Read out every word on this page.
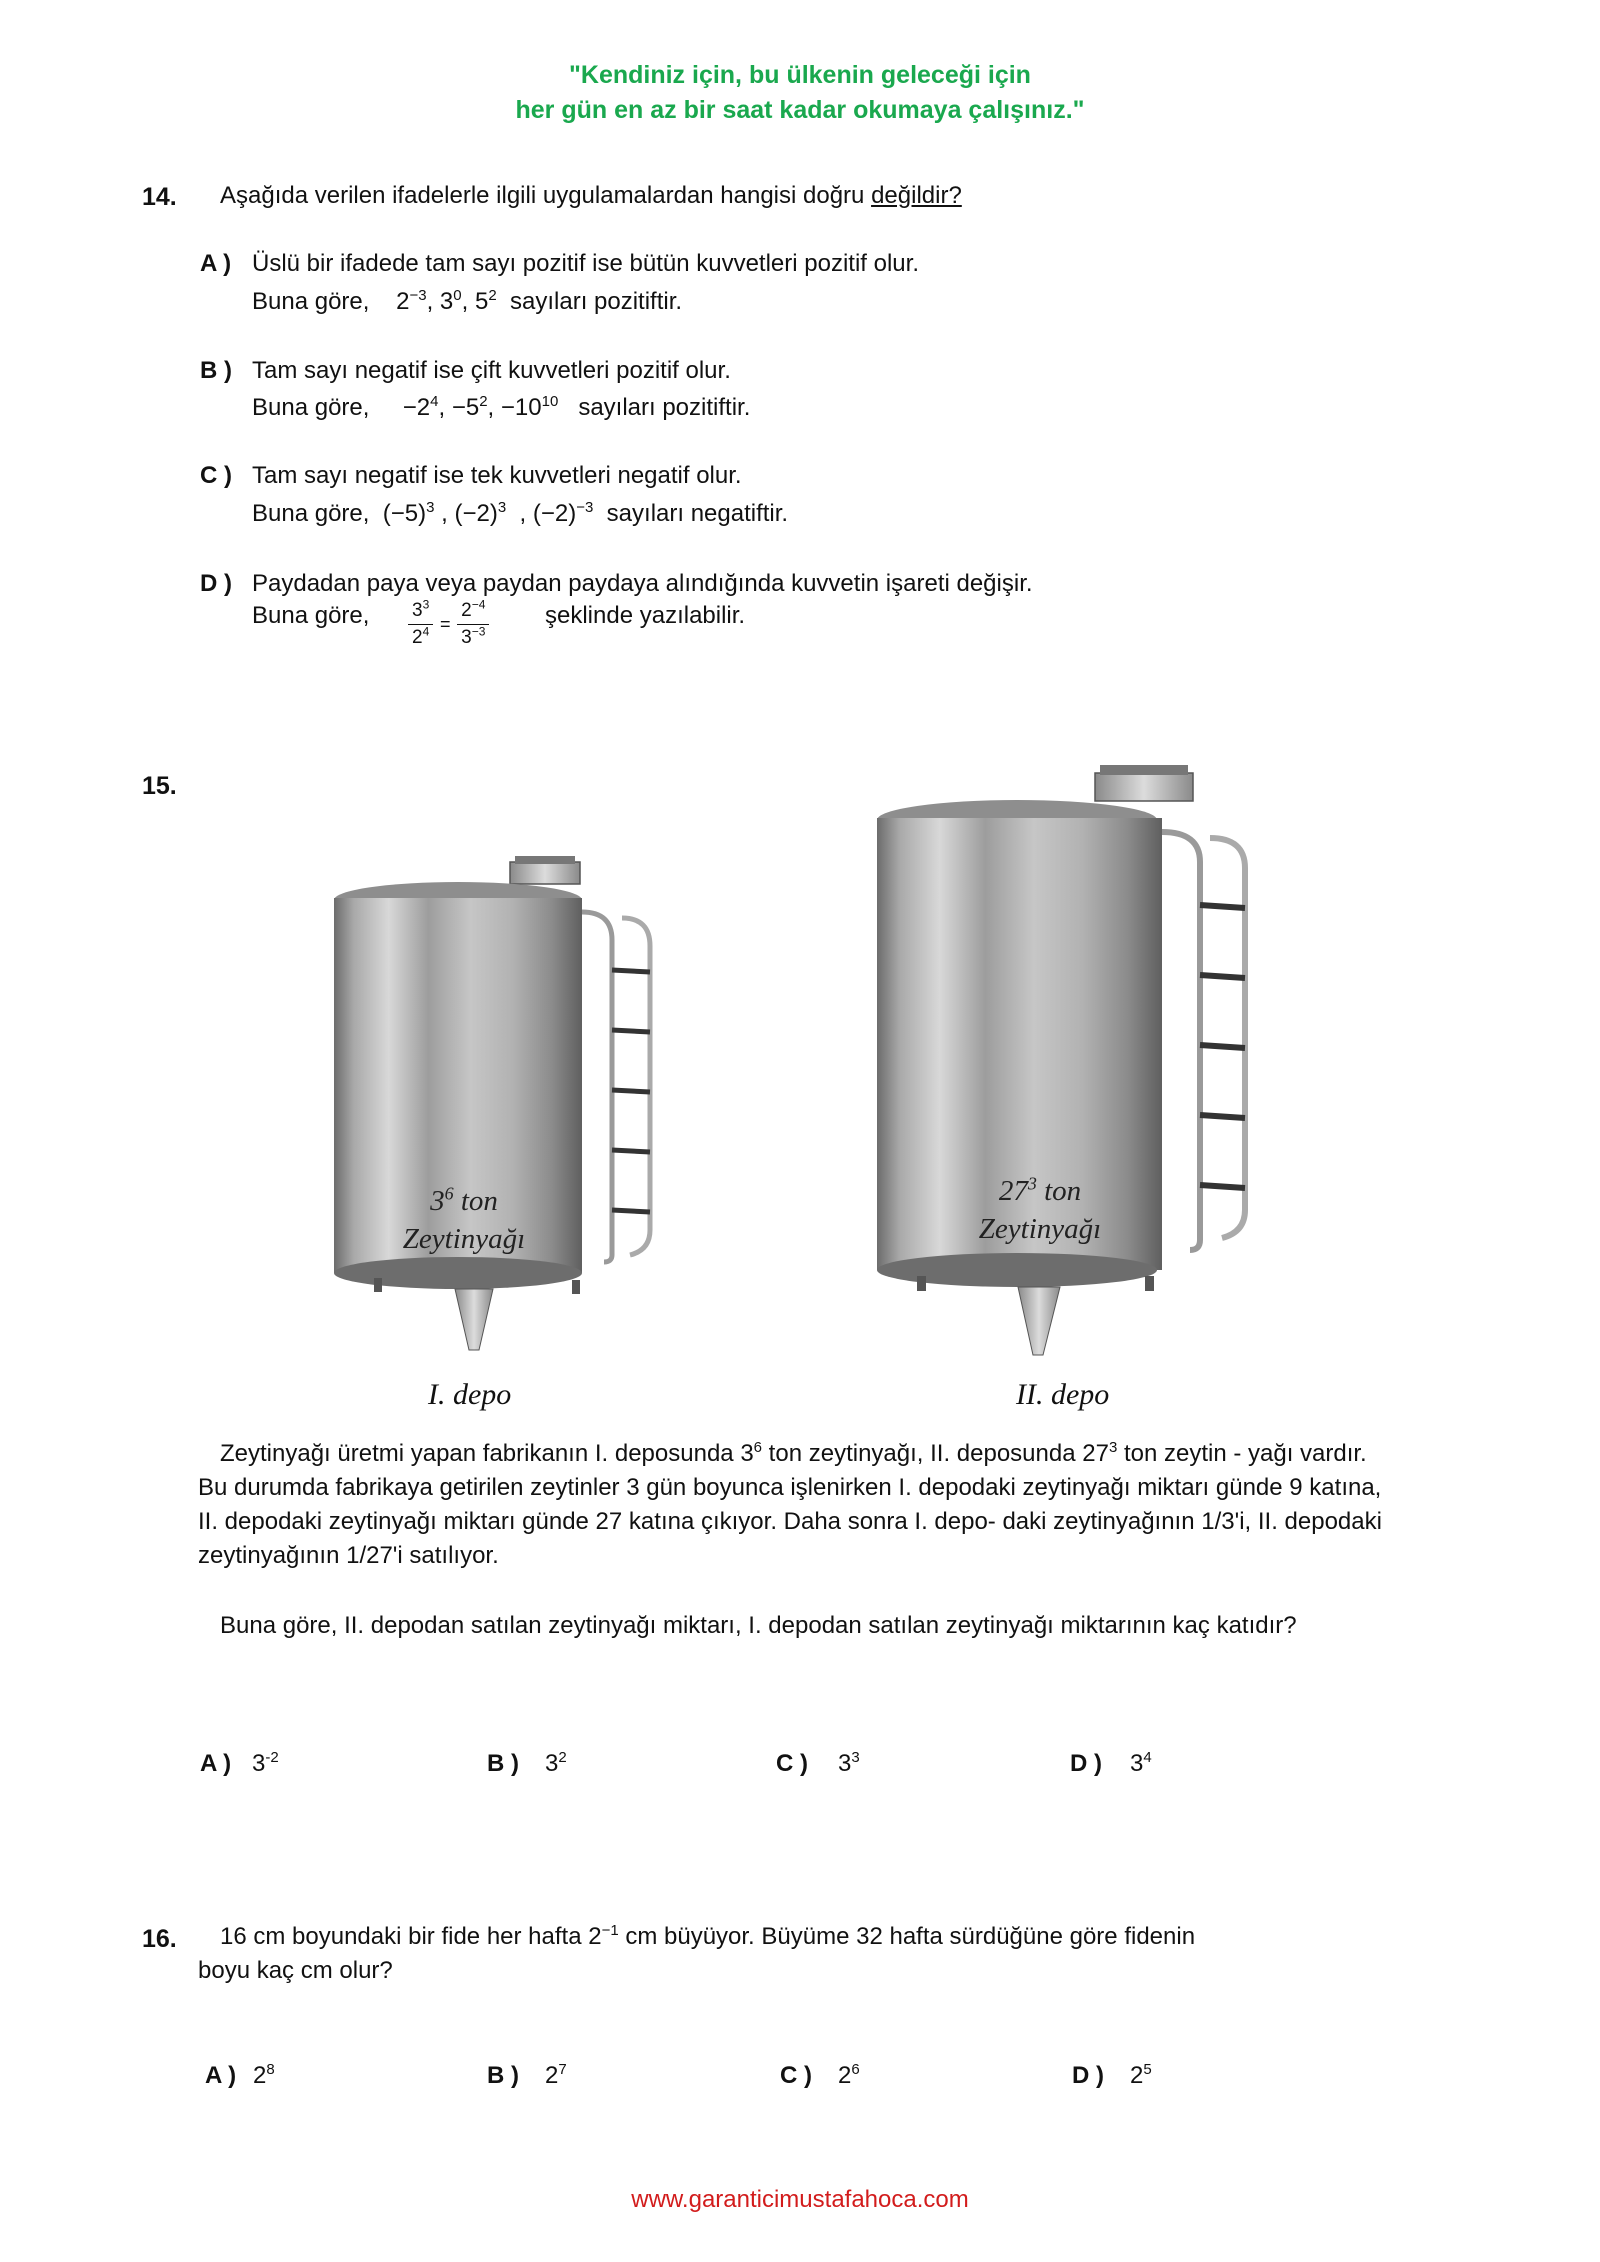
"Kendiniz için, bu ülkenin geleceği için
her gün en az bir saat kadar okumaya çalışınız."
14. Aşağıda verilen ifadelerle ilgili uygulamalardan hangisi doğru değildir?
A ) Üslü bir ifadede tam sayı pozitif ise bütün kuvvetleri pozitif olur.
Buna göre, $2^{-3}$, $3^0$, $5^2$ sayıları pozitiftir.
B ) Tam sayı negatif ise çift kuvvetleri pozitif olur.
Buna göre, $-2^4$, $-5^2$, $-10^{10}$ sayıları pozitiftir.
C ) Tam sayı negatif ise tek kuvvetleri negatif olur.
Buna göre, $(-5)^3$ , $(-2)^3$  , $(-2)^{-3}$ sayıları negatiftir.
D ) Paydadan paya veya paydan paydaya alındığında kuvvetin işareti değişir.
Buna göre, $\frac{3^3}{2^4} = \frac{2^{-4}}{3^{-3}}$ şeklinde yazılabilir.
15.
$3^6$ ton
Zeytinyağı
$27^3$ ton
Zeytinyağı
I. depo	II. depo
Zeytinyağı üretmi yapan fabrikanın I. deposunda $3^6$ ton zeytinyağı, II. deposunda $27^3$ ton zeytin - yağı vardır. Bu durumda fabrikaya getirilen zeytinler 3 gün boyunca işlenirken I. depodaki zeytinyağı miktarı günde 9 katına, II. depodaki zeytinyağı miktarı günde 27 katına çıkıyor. Daha sonra I. depo- daki zeytinyağının 1/3'i, II. depodaki zeytinyağının 1/27'i satılıyor.
Buna göre, II. depodan satılan zeytinyağı miktarı, I. depodan satılan zeytinyağı miktarının kaç katıdır?
A ) $3^{-2}$	B ) $3^2$	C ) $3^3$	D ) $3^4$
16. 16 cm boyundaki bir fide her hafta $2^{-1}$ cm büyüyor. Büyüme 32 hafta sürdüğüne göre fidenin
boyu kaç cm olur?
A ) $2^8$	B ) $2^7$	C ) $2^6$	D ) $2^5$
www.garanticimustafahoca.com
